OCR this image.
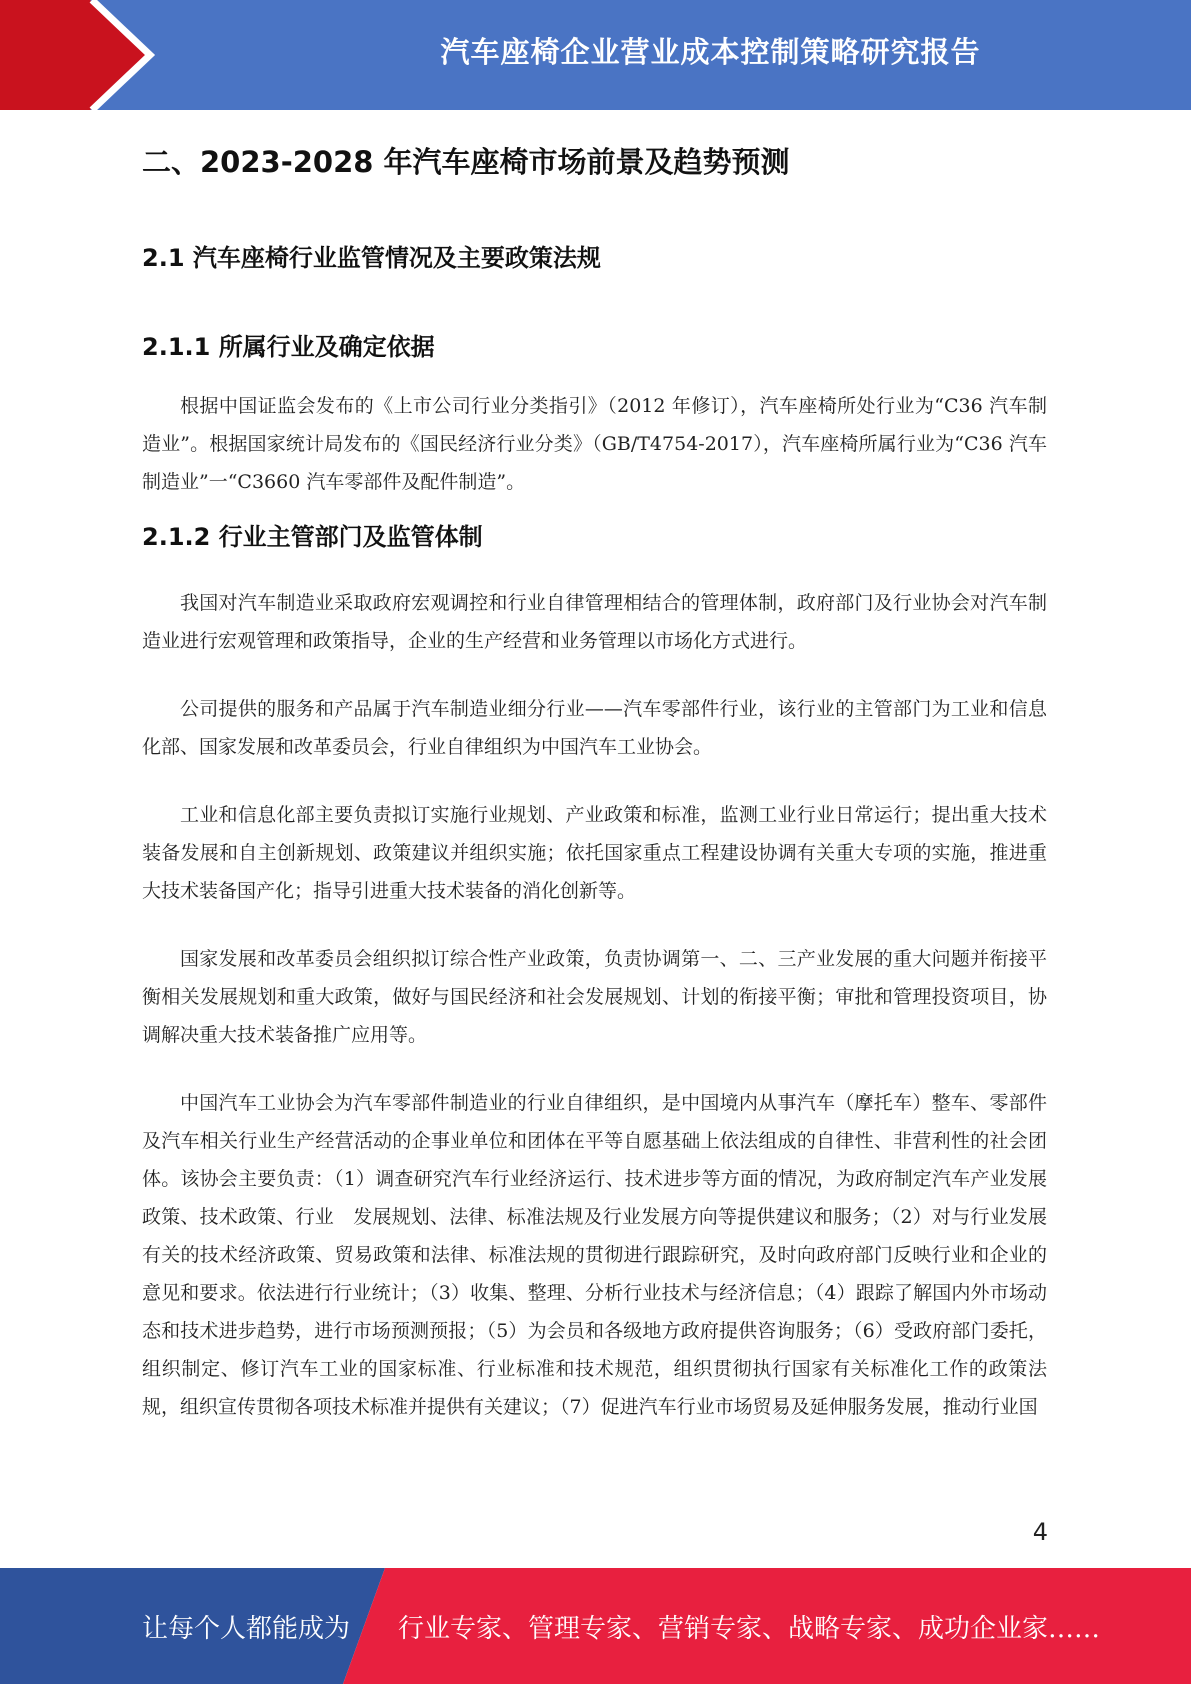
汽车座椅企业营业成本控制策略研究报告
二、2023-2028 年汽车座椅市场前景及趋势预测
2.1 汽车座椅行业监管情况及主要政策法规
2.1.1 所属行业及确定依据

根据中国证监会发布的《上市公司行业分类指引》（2012 年修订），汽车座椅所处行业为“C36 汽车制造业”。根据国家统计局发布的《国民经济行业分类》（GB/T4754-2017），汽车座椅所属行业为“C36 汽车制造业”一“C3660 汽车零部件及配件制造”。

2.1.2 行业主管部门及监管体制

我国对汽车制造业采取政府宏观调控和行业自律管理相结合的管理体制，政府部门及行业协会对汽车制造业进行宏观管理和政策指导，企业的生产经营和业务管理以市场化方式进行。

公司提供的服务和产品属于汽车制造业细分行业——汽车零部件行业，该行业的主管部门为工业和信息化部、国家发展和改革委员会，行业自律组织为中国汽车工业协会。

工业和信息化部主要负责拟订实施行业规划、产业政策和标准，监测工业行业日常运行；提出重大技术装备发展和自主创新规划、政策建议并组织实施；依托国家重点工程建设协调有关重大专项的实施，推进重大技术装备国产化；指导引进重大技术装备的消化创新等。

国家发展和改革委员会组织拟订综合性产业政策，负责协调第一、二、三产业发展的重大问题并衔接平衡相关发展规划和重大政策，做好与国民经济和社会发展规划、计划的衔接平衡；审批和管理投资项目，协调解决重大技术装备推广应用等。

中国汽车工业协会为汽车零部件制造业的行业自律组织，是中国境内从事汽车（摩托车）整车、零部件及汽车相关行业生产经营活动的企事业单位和团体在平等自愿基础上依法组成的自律性、非营利性的社会团体。该协会主要负责：（1）调查研究汽车行业经济运行、技术进步等方面的情况，为政府制定汽车产业发展政策、技术政策、行业　发展规划、法律、标准法规及行业发展方向等提供建议和服务；（2）对与行业发展有关的技术经济政策、贸易政策和法律、标准法规的贯彻进行跟踪研究，及时向政府部门反映行业和企业的意见和要求。依法进行行业统计；（3）收集、整理、分析行业技术与经济信息；（4）跟踪了解国内外市场动态和技术进步趋势，进行市场预测预报；（5）为会员和各级地方政府提供咨询服务；（6）受政府部门委托，组织制定、修订汽车工业的国家标准、行业标准和技术规范，组织贯彻执行国家有关标准化工作的政策法规，组织宣传贯彻各项技术标准并提供有关建议；（7）促进汽车行业市场贸易及延伸服务发展，推动行业国

4
让每个人都能成为 行业专家、管理专家、营销专家、战略专家、成功企业家……
